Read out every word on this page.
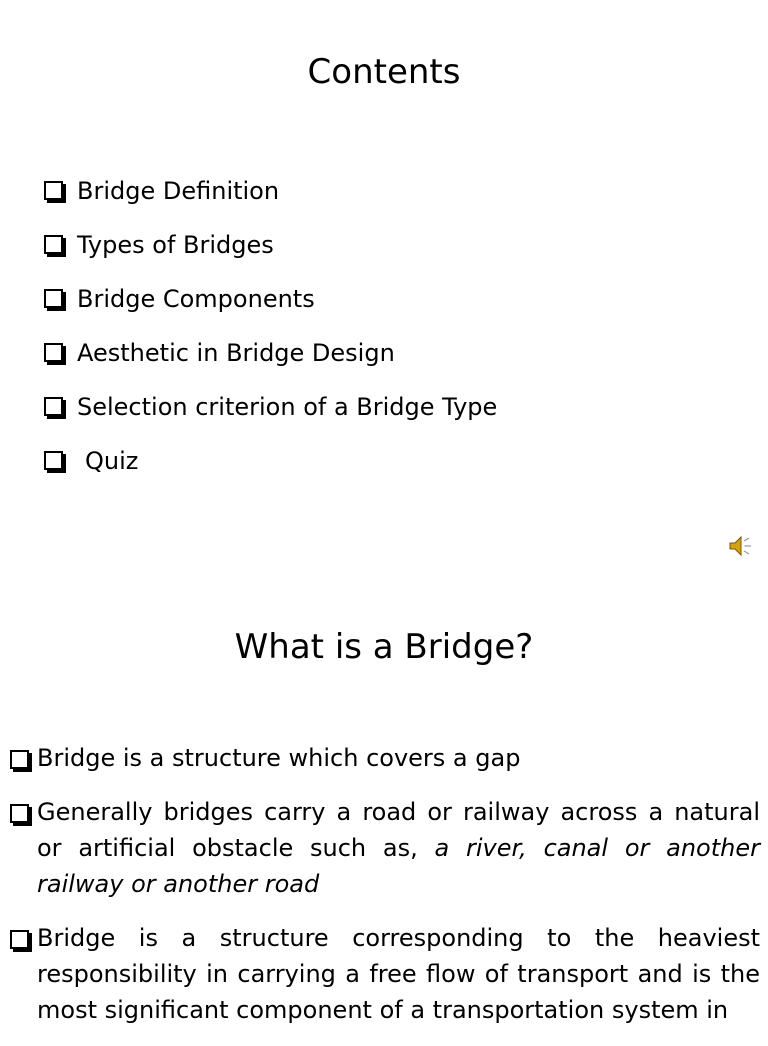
Contents
Bridge Definition
Types of Bridges
Bridge Components
Aesthetic in Bridge Design
Selection criterion of a Bridge Type
Quiz
What is a Bridge?
Bridge is a structure which covers a gap
Generally bridges carry a road or railway across a natural or artificial obstacle such as, a river, canal or another railway or another road
Bridge is a structure corresponding to the heaviest responsibility in carrying a free flow of transport and is the most significant component of a transportation system in
